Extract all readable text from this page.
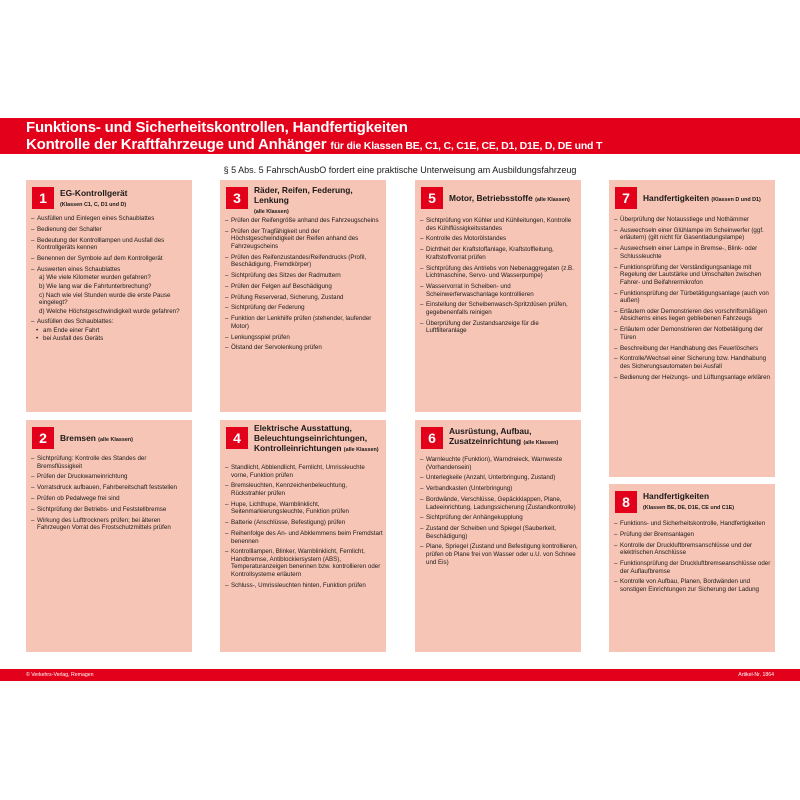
Funktions- und Sicherheitskontrollen, Handfertigkeiten
Kontrolle der Kraftfahrzeuge und Anhänger für die Klassen BE, C1, C, C1E, CE, D1, D1E, D, DE und T
§ 5 Abs. 5 FahrschAusbO fordert eine praktische Unterweisung am Ausbildungsfahrzeug
1	EG-Kontrollgerät
(Klassen C1, C, D1 und D)
– Ausfüllen und Einlegen eines Schaublattes
– Bedienung der Schalter
– Bedeutung der Kontrolllampen und Ausfall des Kontrollgeräts kennen
– Benennen der Symbole auf dem Kontrollgerät
– Auswerten eines Schaublattes
a) Wie viele Kilometer wurden gefahren?
b) Wie lang war die Fahrtunterbrechung?
c) Nach wie viel Stunden wurde die erste Pause eingelegt?
d) Welche Höchstgeschwindigkeit wurde gefahren?
– Ausfüllen des Schaublattes:
• am Ende einer Fahrt
• bei Ausfall des Geräts
2	Bremsen (alle Klassen)
– Sichtprüfung: Kontrolle des Standes der Bremsflüssigkeit
– Prüfen der Druckwarneinrichtung
– Vorratsdruck aufbauen, Fahrbereitschaft feststellen
– Prüfen ob Pedalwege frei sind
– Sichtprüfung der Betriebs- und Feststellbremse
– Wirkung des Lufttrockners prüfen; bei älteren Fahrzeugen Vorrat des Frostschutzmittels prüfen
3	Räder, Reifen, Federung, Lenkung
(alle Klassen)
– Prüfen der Reifengröße anhand des Fahrzeugscheins
– Prüfen der Tragfähigkeit und der Höchstgeschwindigkeit der Reifen anhand des Fahrzeugscheins
– Prüfen des Reifenzustandes/Reifendrucks (Profil, Beschädigung, Fremdkörper)
– Sichtprüfung des Sitzes der Radmuttern
– Prüfen der Felgen auf Beschädigung
– Prüfung Reserverad, Sicherung, Zustand
– Sichtprüfung der Federung
– Funktion der Lenkhilfe prüfen (stehender, laufender Motor)
– Lenkungsspiel prüfen
– Ölstand der Servolenkung prüfen
4
Elektrische Ausstattung, Beleuchtungseinrichtungen, Kontrolleinrichtungen (alle Klassen)
– Standlicht, Abblendlicht, Fernlicht, Umrissleuchte vorne, Funktion prüfen
– Bremsleuchten, Kennzeichenbeleuchtung, Rückstrahler prüfen
– Hupe, Lichthupe, Warnblinklicht, Seitenmarkierungsleuchte, Funktion prüfen
– Batterie (Anschlüsse, Befestigung) prüfen
– Reihenfolge des An- und Abklemmens beim Fremdstart benennen
– Kontrolllampen, Blinker, Warnblinklicht, Fernlicht, Handbremse, Antiblockiersystem (ABS), Temperaturanzeigen benennen bzw. kontrollieren oder Kontrollsysteme erläutern
– Schluss-, Umrissleuchten hinten, Funktion prüfen
5	Motor, Betriebsstoffe (alle Klassen)
– Sichtprüfung von Kühler und Kühlleitungen, Kontrolle des Kühlflüssigkeitsstandes
– Kontrolle des Motorölstandes
– Dichtheit der Kraftstoffanlage, Kraftstoffleitung, Kraftstoffvorrat prüfen
– Sichtprüfung des Antriebs von Nebenaggregaten (z.B. Lichtmaschine, Servo- und Wasserpumpe)
– Wasservorrat in Scheiben- und Scheinwerferwaschanlage kontrollieren
– Einstellung der Scheibenwasch-Spritzdüsen prüfen, gegebenenfalls reinigen
– Überprüfung der Zustandsanzeige für die Luftfilteranlage
6	Ausrüstung, Aufbau, Zusatzeinrichtung (alle Klassen)
– Warnleuchte (Funktion), Warndreieck, Warnweste (Vorhandensein)
– Unterlegkeile (Anzahl, Unterbringung, Zustand)
– Verbandkasten (Unterbringung)
– Bordwände, Verschlüsse, Gepäckklappen, Plane, Ladeeinrichtung, Ladungssicherung (Zustandkontrolle)
– Sichtprüfung der Anhängekupplung
– Zustand der Scheiben und Spiegel (Sauberkeit, Beschädigung)
– Plane, Spriegel (Zustand und Befestigung kontrollieren, prüfen ob Plane frei von Wasser oder u.U. von Schnee und Eis)
7	Handfertigkeiten (Klassen D und D1)
– Überprüfung der Notausstiege und Nothämmer
– Auswechseln einer Glühlampe im Scheinwerfer (ggf. erläutern) (gilt nicht für Gasentladungslampe)
– Auswechseln einer Lampe in Bremse-, Blink- oder Schlussleuchte
– Funktionsprüfung der Verständigungsanlage mit Regelung der Lautstärke und Umschalten zwischen Fahrer- und Beifahrermikrofon
– Funktionsprüfung der Türbetätigungsanlage (auch von außen)
– Erläutern oder Demonstrieren des vorschriftsmäßigen Absicherns eines liegen gebliebenen Fahrzeugs
– Erläutern oder Demonstrieren der Notbetätigung der Türen
– Beschreibung der Handhabung des Feuerlöschers
– Kontrolle/Wechsel einer Sicherung bzw. Handhabung des Sicherungsautomaten bei Ausfall
– Bedienung der Heizungs- und Lüftungsanlage erklären
8	Handfertigkeiten
(Klassen BE, DE, D1E, CE und C1E)
– Funktions- und Sicherheitskontrolle, Handfertigkeiten
– Prüfung der Bremsanlagen
– Kontrolle der Druckluftbremsanschlüsse und der elektrischen Anschlüsse
– Funktionsprüfung der Druckluftbremseanschlüsse oder der Auflaufbremse
– Kontrolle von Aufbau, Planen, Bordwänden und sonstigen Einrichtungen zur Sicherung der Ladung
© Verkehrs-Verlag, Remagen	Artikel-Nr. 1864
